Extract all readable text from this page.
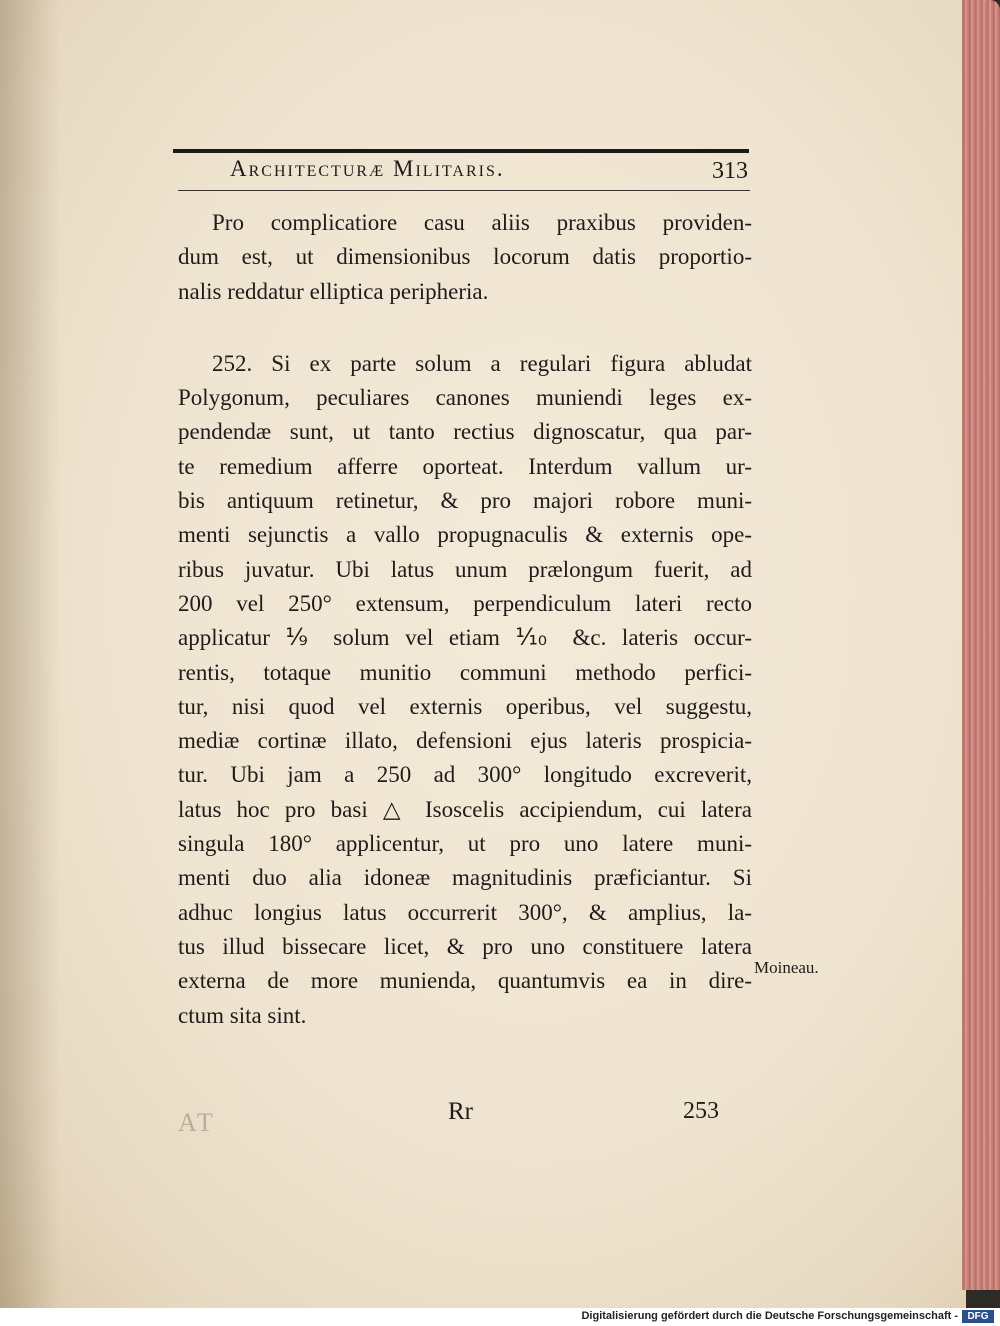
Architecturæ Militaris.	313
Pro complicatiore casu aliis praxibus providen-
dum est, ut dimensionibus locorum datis proportio-
nalis reddatur elliptica peripheria.
252. Si ex parte solum a regulari figura abludat
Polygonum, peculiares canones muniendi leges ex-
pendendæ sunt, ut tanto rectius dignoscatur, qua par-
te remedium afferre oporteat. Interdum vallum ur-
bis antiquum retinetur, & pro majori robore muni-
menti sejunctis a vallo propugnaculis & externis ope-
ribus juvatur. Ubi latus unum prælongum fuerit, ad
200 vel 250° extensum, perpendiculum lateri recto
applicatur ⅑ solum vel etiam ⅒ &c. lateris occur-
rentis, totaque munitio communi methodo perfici-
tur, nisi quod vel externis operibus, vel suggestu,
mediæ cortinæ illato, defensioni ejus lateris prospicia-
tur. Ubi jam a 250 ad 300° longitudo excreverit,
latus hoc pro basi △ Isoscelis accipiendum, cui latera
singula 180° applicentur, ut pro uno latere muni-
menti duo alia idoneæ magnitudinis præficiantur. Si
adhuc longius latus occurrerit 300°, & amplius, la-
tus illud bissecare licet, & pro uno constituere latera
externa de more munienda, quantumvis ea in dire-
ctum sita sint.
Moineau.
AT	Rr	253
Digitalisierung gefördert durch die Deutsche Forschungsgemeinschaft - DFG
